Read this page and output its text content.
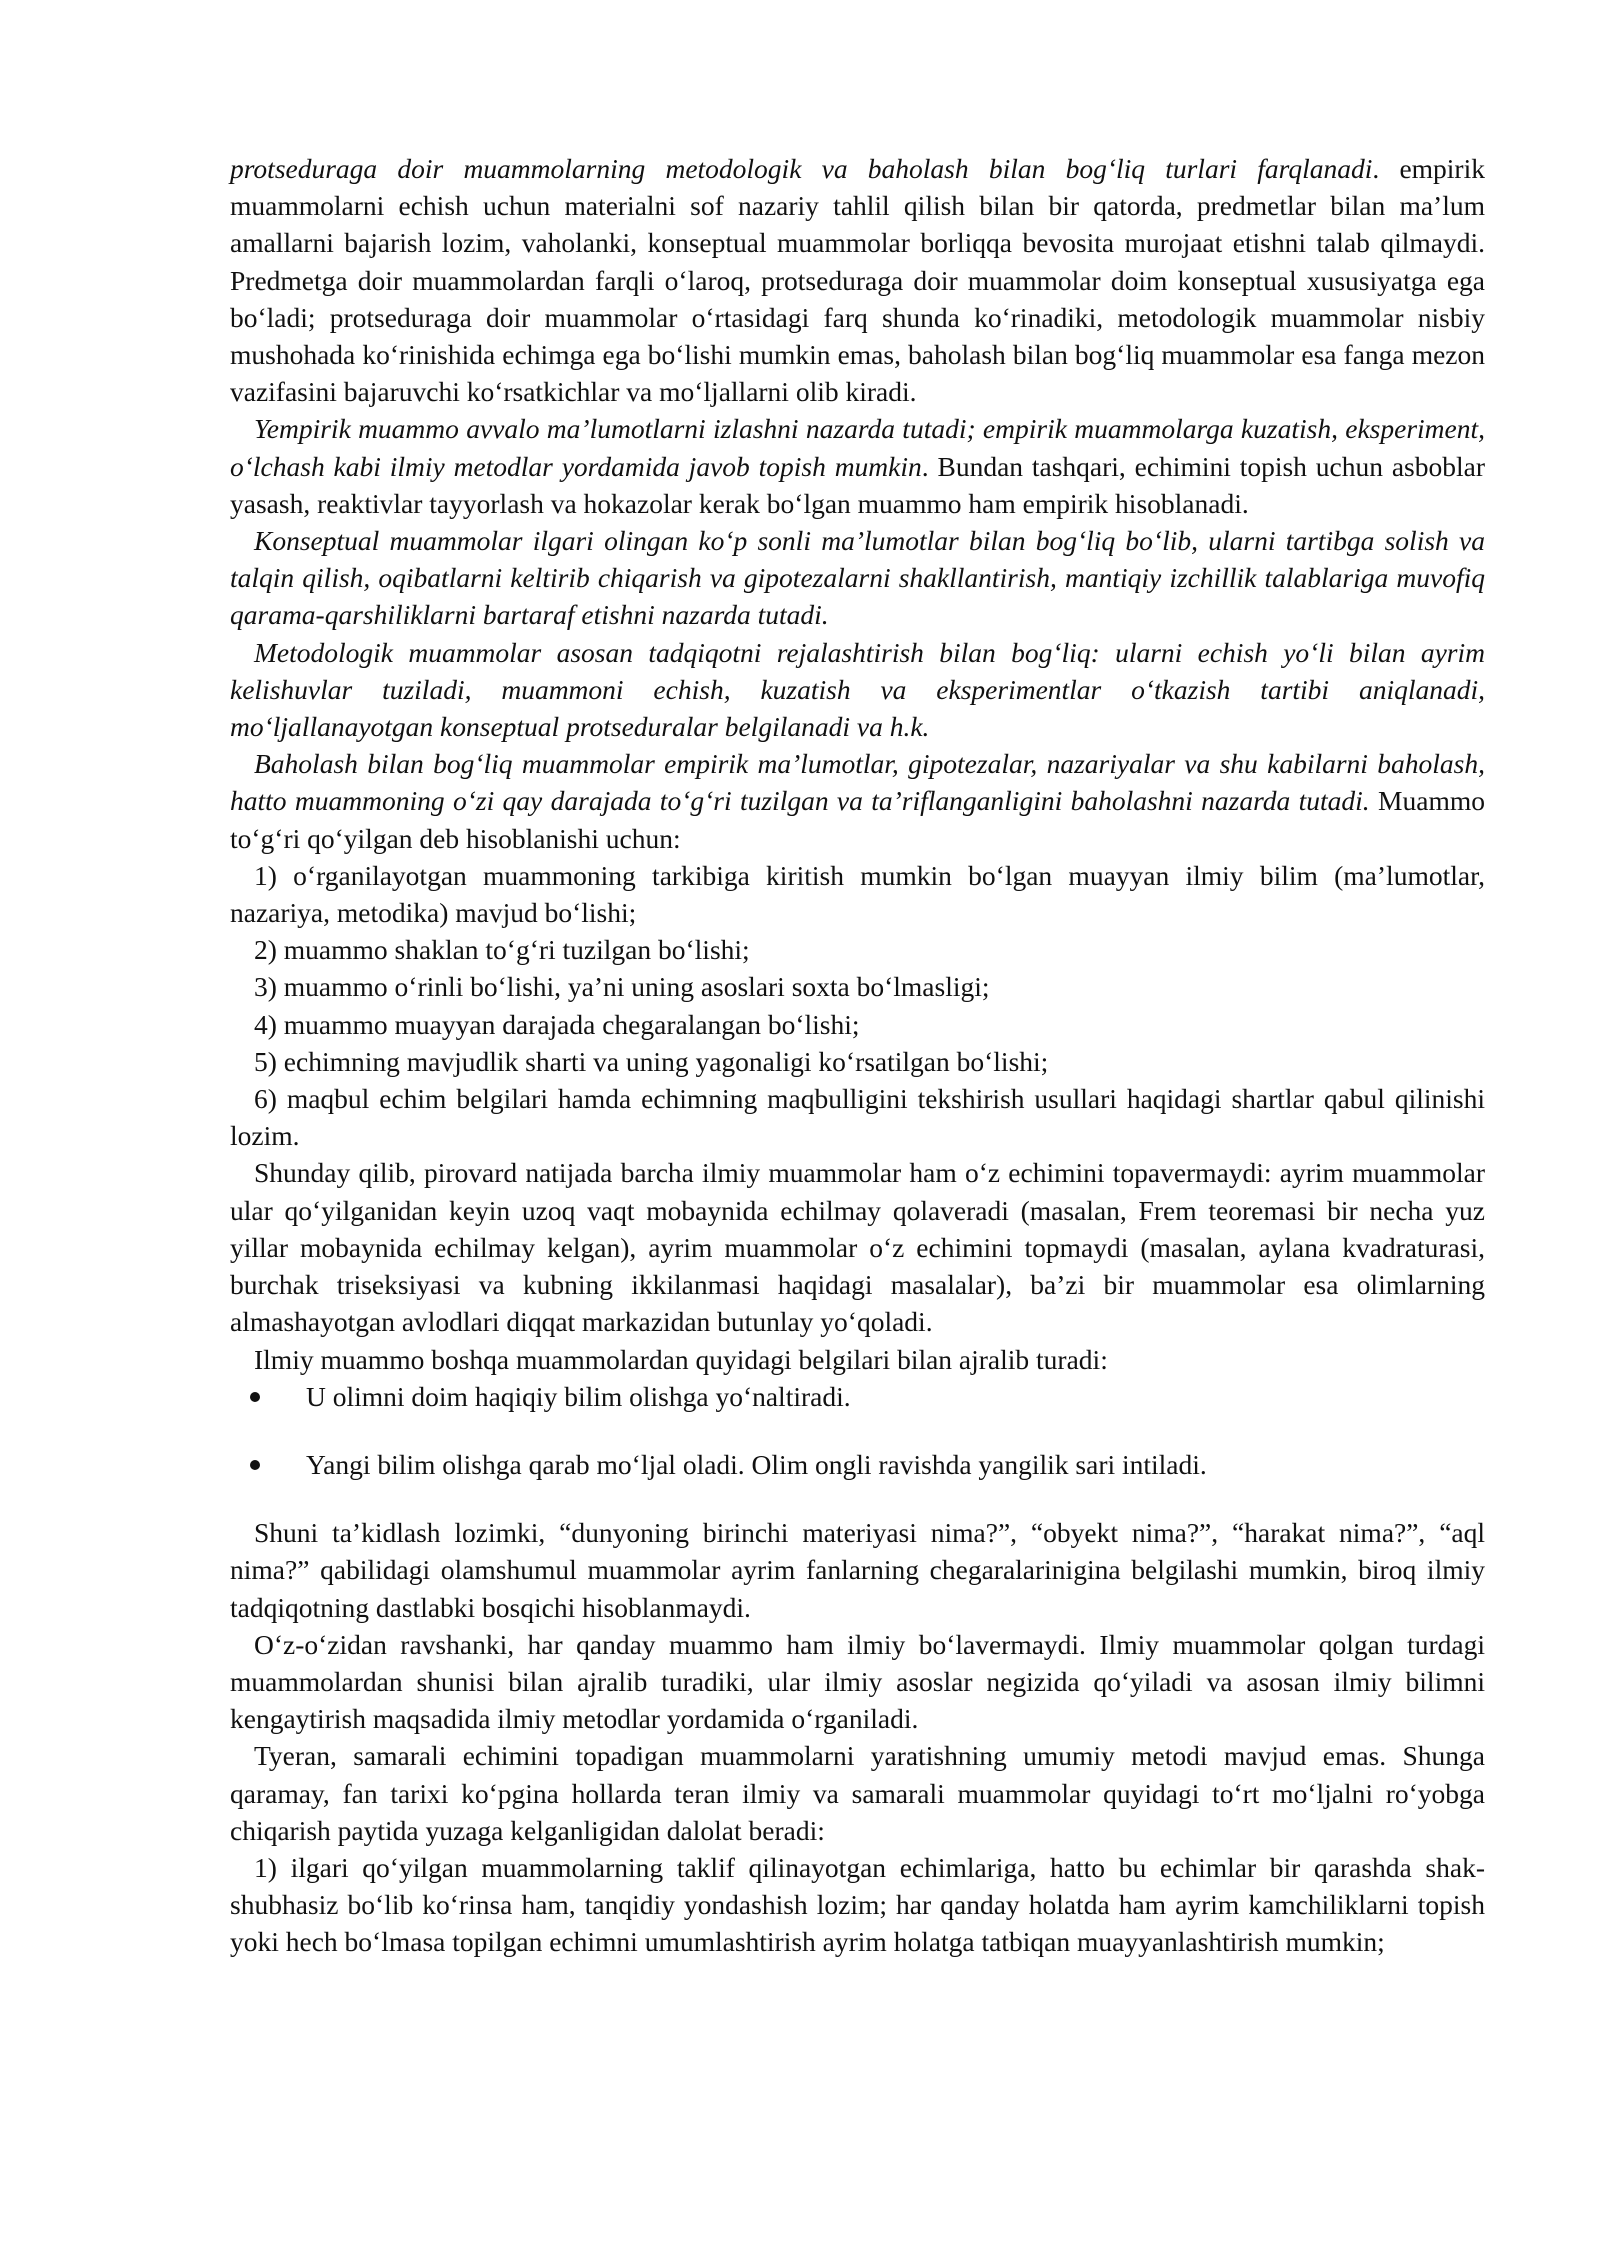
protseduraga doir muammolarning metodologik va baholash bilan bog‘liq turlari farqlanadi. empirik muammolarni echish uchun materialni sof nazariy tahlil qilish bilan bir qatorda, predmetlar bilan ma’lum amallarni bajarish lozim, vaholanki, konseptual muammolar borliqqa bevosita murojaat etishni talab qilmaydi. Predmetga doir muammolardan farqli o‘laroq, protseduraga doir muammolar doim konseptual xususiyatga ega bo‘ladi; protseduraga doir muammolar o‘rtasidagi farq shunda ko‘rinadiki, metodologik muammolar nisbiy mushohada ko‘rinishida echimga ega bo‘lishi mumkin emas, baholash bilan bog‘liq muammolar esa fanga mezon vazifasini bajaruvchi ko‘rsatkichlar va mo‘ljallarni olib kiradi.

Yempirik muammo avvalo ma’lumotlarni izlashni nazarda tutadi; empirik muammolarga kuzatish, eksperiment, o‘lchash kabi ilmiy metodlar yordamida javob topish mumkin. Bundan tashqari, echimini topish uchun asboblar yasash, reaktivlar tayyorlash va hokazolar kerak bo‘lgan muammo ham empirik hisoblanadi.

Konseptual muammolar ilgari olingan ko‘p sonli ma’lumotlar bilan bog‘liq bo‘lib, ularni tartibga solish va talqin qilish, oqibatlarni keltirib chiqarish va gipotezalarni shakllantirish, mantiqiy izchillik talablariga muvofiq qarama-qarshiliklarni bartaraf etishni nazarda tutadi.

Metodologik muammolar asosan tadqiqotni rejalashtirish bilan bog‘liq: ularni echish yo‘li bilan ayrim kelishuvlar tuziladi, muammoni echish, kuzatish va eksperimentlar o‘tkazish tartibi aniqlanadi, mo‘ljallanayotgan konseptual protseduralar belgilanadi va h.k.

Baholash bilan bog‘liq muammolar empirik ma’lumotlar, gipotezalar, nazariyalar va shu kabilarni baholash, hatto muammoning o‘zi qay darajada to‘g‘ri tuzilgan va ta’riflanganligini baholashni nazarda tutadi. Muammo to‘g‘ri qo‘yilgan deb hisoblanishi uchun:

1) o‘rganilayotgan muammoning tarkibiga kiritish mumkin bo‘lgan muayyan ilmiy bilim (ma’lumotlar, nazariya, metodika) mavjud bo‘lishi;

2) muammo shaklan to‘g‘ri tuzilgan bo‘lishi;

3) muammo o‘rinli bo‘lishi, ya’ni uning asoslari soxta bo‘lmasligi;

4) muammo muayyan darajada chegaralangan bo‘lishi;

5) echimning mavjudlik sharti va uning yagonaligi ko‘rsatilgan bo‘lishi;

6) maqbul echim belgilari hamda echimning maqbulligini tekshirish usullari haqidagi shartlar qabul qilinishi lozim.

Shunday qilib, pirovard natijada barcha ilmiy muammolar ham o‘z echimini topavermaydi: ayrim muammolar ular qo‘yilganidan keyin uzoq vaqt mobaynida echilmay qolaveradi (masalan, Frem teoremasi bir necha yuz yillar mobaynida echilmay kelgan), ayrim muammolar o‘z echimini topmaydi (masalan, aylana kvadraturasi, burchak triseksiyasi va kubning ikkilanmasi haqidagi masalalar), ba’zi bir muammolar esa olimlarning almashayotgan avlodlari diqqat markazidan butunlay yo‘qoladi.

Ilmiy muammo boshqa muammolardan quyidagi belgilari bilan ajralib turadi:

U olimni doim haqiqiy bilim olishga yo‘naltiradi.
Yangi bilim olishga qarab mo‘ljal oladi. Olim ongli ravishda yangilik sari intiladi.

Shuni ta’kidlash lozimki, “dunyoning birinchi materiyasi nima?”, “obyekt nima?”, “harakat nima?”, “aql nima?” qabilidagi olamshumul muammolar ayrim fanlarning chegaralarinigina belgilashi mumkin, biroq ilmiy tadqiqotning dastlabki bosqichi hisoblanmaydi.

O‘z-o‘zidan ravshanki, har qanday muammo ham ilmiy bo‘lavermaydi. Ilmiy muammolar qolgan turdagi muammolardan shunisi bilan ajralib turadiki, ular ilmiy asoslar negizida qo‘yiladi va asosan ilmiy bilimni kengaytirish maqsadida ilmiy metodlar yordamida o‘rganiladi.

Tyeran, samarali echimini topadigan muammolarni yaratishning umumiy metodi mavjud emas. Shunga qaramay, fan tarixi ko‘pgina hollarda teran ilmiy va samarali muammolar quyidagi to‘rt mo‘ljalni ro‘yobga chiqarish paytida yuzaga kelganligidan dalolat beradi:

1) ilgari qo‘yilgan muammolarning taklif qilinayotgan echimlariga, hatto bu echimlar bir qarashda shak-shubhasiz bo‘lib ko‘rinsa ham, tanqidiy yondashish lozim; har qanday holatda ham ayrim kamchiliklarni topish yoki hech bo‘lmasa topilgan echimni umumlashtirish ayrim holatga tatbiqan muayyanlashtirish mumkin;
